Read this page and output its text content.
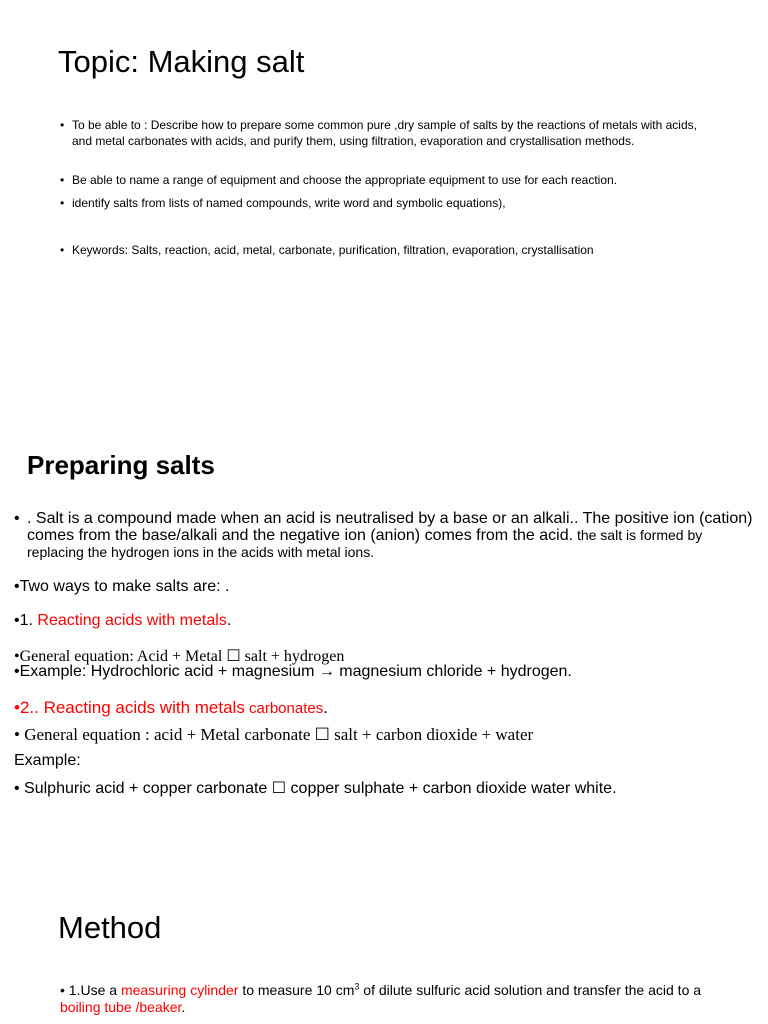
Topic: Making salt
• To be able to : Describe how to prepare some common pure ,dry sample of salts by the reactions of metals with acids, and metal carbonates with acids, and purify them, using filtration, evaporation and crystallisation methods.
• Be able to name a range of equipment and choose the appropriate equipment to use for each reaction.
• identify salts from lists of named compounds, write word and symbolic equations),
• Keywords: Salts, reaction, acid, metal, carbonate, purification, filtration, evaporation, crystallisation
Preparing salts
• . Salt is a compound made when an acid is neutralised by a base or an alkali.. The positive ion (cation) comes from the base/alkali and the negative ion (anion) comes from the acid. the salt is formed by replacing the hydrogen ions in the acids with metal ions.
•Two ways to make salts are: .
•1. Reacting acids with metals.
•General equation: Acid + Metal ☐ salt + hydrogen
•Example: Hydrochloric acid + magnesium → magnesium chloride + hydrogen.
•2.. Reacting acids with metals carbonates.
• General equation : acid + Metal carbonate ☐ salt + carbon dioxide + water
Example:
• Sulphuric acid + copper carbonate ☐ copper sulphate + carbon dioxide water white.
Method
• 1.Use a measuring cylinder to measure 10 $cm^3$ of dilute sulfuric acid solution and transfer the acid to a boiling tube /beaker.
